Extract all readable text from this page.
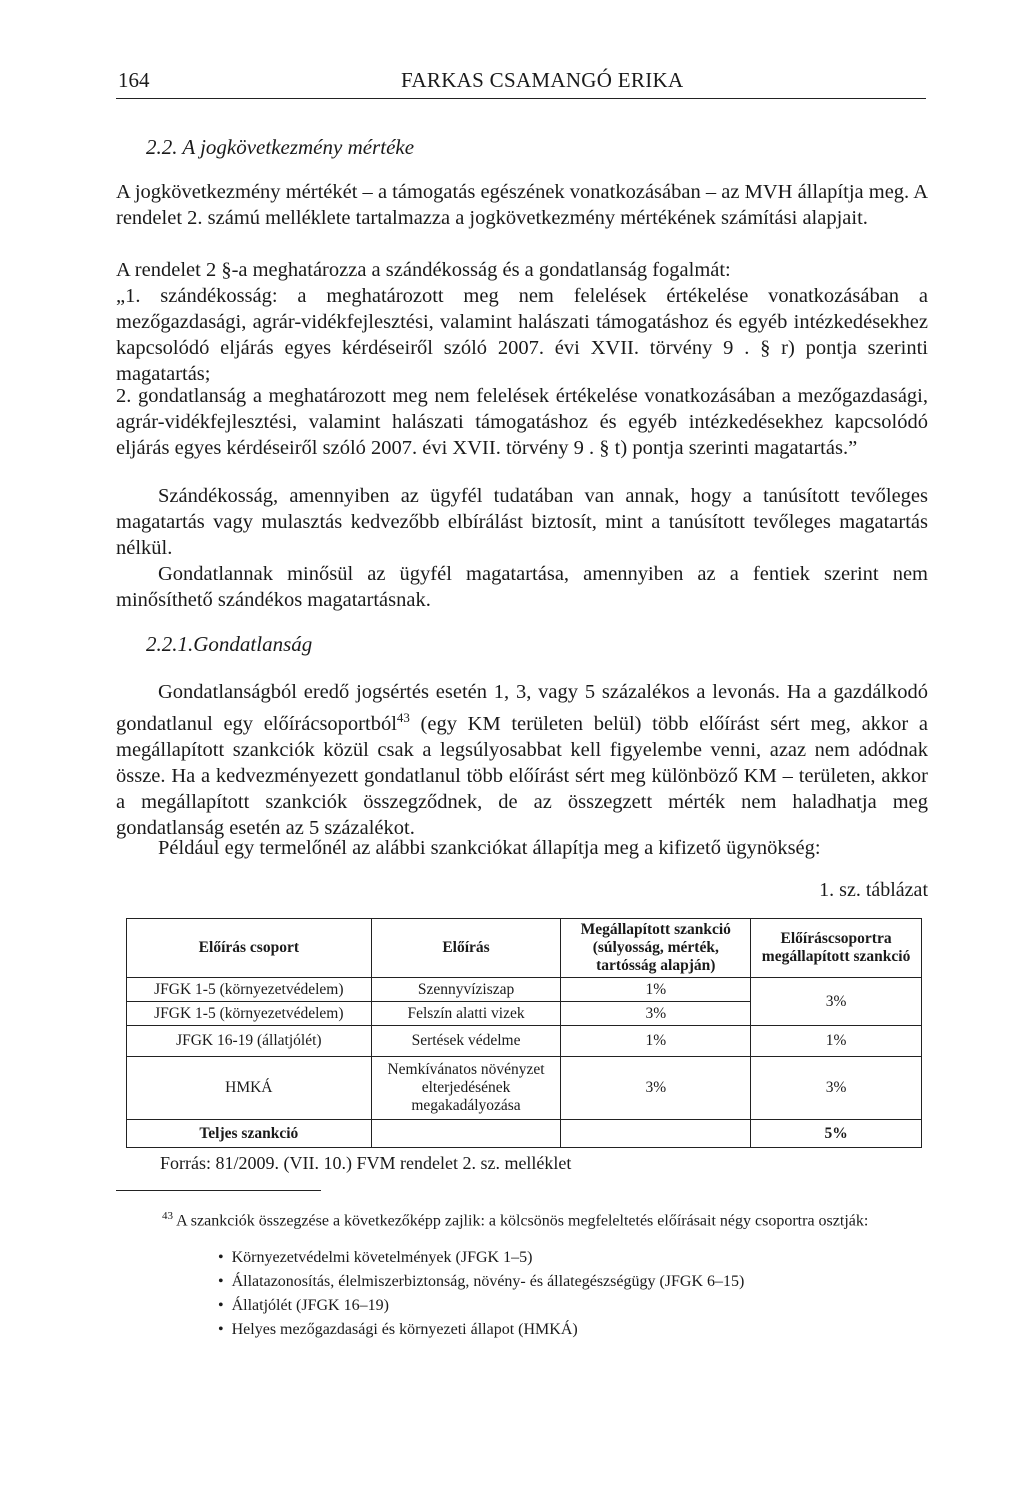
164	FARKAS CSAMANGÓ ERIKA
2.2. A jogkövetkezmény mértéke

A jogkövetkezmény mértékét – a támogatás egészének vonatkozásában – az MVH állapítja meg. A rendelet 2. számú melléklete tartalmazza a jogkövetkezmény mértékének számítási alapjait.

A rendelet 2 §-a meghatározza a szándékosság és a gondatlanság fogalmát:

„1. szándékosság: a meghatározott meg nem felelések értékelése vonatkozásában a mezőgazdasági, agrár-vidékfejlesztési, valamint halászati támogatáshoz és egyéb intézkedésekhez kapcsolódó eljárás egyes kérdéseiről szóló 2007. évi XVII. törvény 9 . § r) pontja szerinti magatartás;

2. gondatlanság a meghatározott meg nem felelések értékelése vonatkozásában a mezőgazdasági, agrár-vidékfejlesztési, valamint halászati támogatáshoz és egyéb intézkedésekhez kapcsolódó eljárás egyes kérdéseiről szóló 2007. évi XVII. törvény 9 . § t) pontja szerinti magatartás.”

Szándékosság, amennyiben az ügyfél tudatában van annak, hogy a tanúsított tevőleges magatartás vagy mulasztás kedvezőbb elbírálást biztosít, mint a tanúsított tevőleges magatartás nélkül.

Gondatlannak minősül az ügyfél magatartása, amennyiben az a fentiek szerint nem minősíthető szándékos magatartásnak.

2.2.1.Gondatlanság

Gondatlanságból eredő jogsértés esetén 1, 3, vagy 5 százalékos a levonás. Ha a gazdálkodó gondatlanul egy előírácsoportból$^{43}$ (egy KM területen belül) több előírást sért meg, akkor a megállapított szankciók közül csak a legsúlyosabbat kell figyelembe venni, azaz nem adódnak össze. Ha a kedvezményezett gondatlanul több előírást sért meg különböző KM – területen, akkor a megállapított szankciók összegződnek, de az összegzett mérték nem haladhatja meg gondatlanság esetén az 5 százalékot.

Például egy termelőnél az alábbi szankciókat állapítja meg a kifizető ügynökség:

1. sz. táblázat
Előírás csoport	Előírás	Megállapított szankció (súlyosság, mérték, tartósság alapján)	Előíráscsoportra megállapított szankció
JFGK 1-5 (környezetvédelem)	Szennyvíziszap	1%	3%
JFGK 1-5 (környezetvédelem)	Felszín alatti vizek	3%	
JFGK 16-19 (állatjólét)	Sertések védelme	1%	1%
HMKÁ	Nemkívánatos növényzet elterjedésének megakadályozása	3%	3%
Teljes szankció			5%
Forrás: 81/2009. (VII. 10.) FVM rendelet 2. sz. melléklet
$^{43}$ A szankciók összegzése a következőképp zajlik: a kölcsönös megfeleltetés előírásait négy csoportra osztják:
• Környezetvédelmi követelmények (JFGK 1–5)
• Állatazonosítás, élelmiszerbiztonság, növény- és állategészségügy (JFGK 6–15)
• Állatjólét (JFGK 16–19)
• Helyes mezőgazdasági és környezeti állapot (HMKÁ)
